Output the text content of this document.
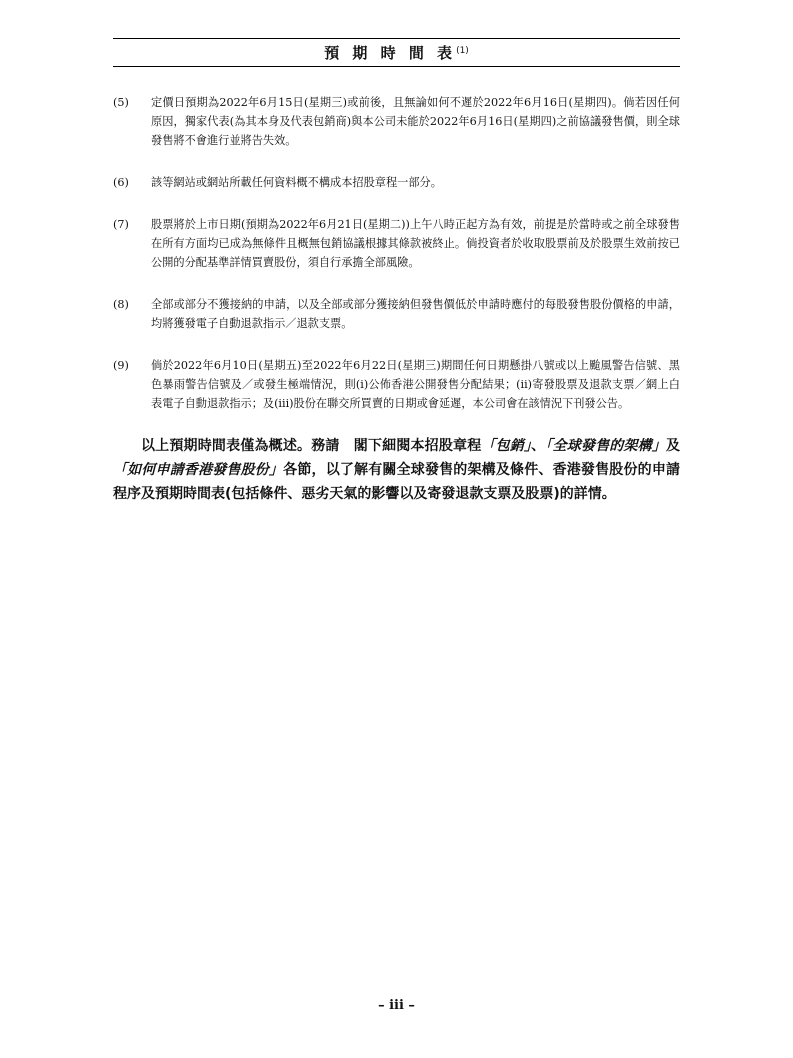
預 期 時 間 表$^{(1)}$
(5)	定價日預期為2022年6月15日(星期三)或前後，且無論如何不遲於2022年6月16日(星期四)。倘若因任何原因，獨家代表(為其本身及代表包銷商)與本公司未能於2022年6月16日(星期四)之前協議發售價，則全球發售將不會進行並將告失效。
(6)	該等網站或網站所載任何資料概不構成本招股章程一部分。
(7)	股票將於上市日期(預期為2022年6月21日(星期二))上午八時正起方為有效，前提是於當時或之前全球發售在所有方面均已成為無條件且概無包銷協議根據其條款被終止。倘投資者於收取股票前及於股票生效前按已公開的分配基準詳情買賣股份，須自行承擔全部風險。
(8)	全部或部分不獲接納的申請，以及全部或部分獲接納但發售價低於申請時應付的每股發售股份價格的申請，均將獲發電子自動退款指示／退款支票。
(9)	倘於2022年6月10日(星期五)至2022年6月22日(星期三)期間任何日期懸掛八號或以上颱風警告信號、黑色暴雨警告信號及／或發生極端情況，則(i)公佈香港公開發售分配結果；(ii)寄發股票及退款支票／網上白表電子自動退款指示；及(iii)股份在聯交所買賣的日期或會延遲，本公司會在該情況下刊發公告。
以上預期時間表僅為概述。務請　閣下細閱本招股章程「包銷」、「全球發售的架構」及「如何申請香港發售股份」各節，以了解有關全球發售的架構及條件、香港發售股份的申請程序及預期時間表(包括條件、惡劣天氣的影響以及寄發退款支票及股票)的詳情。
– iii –
